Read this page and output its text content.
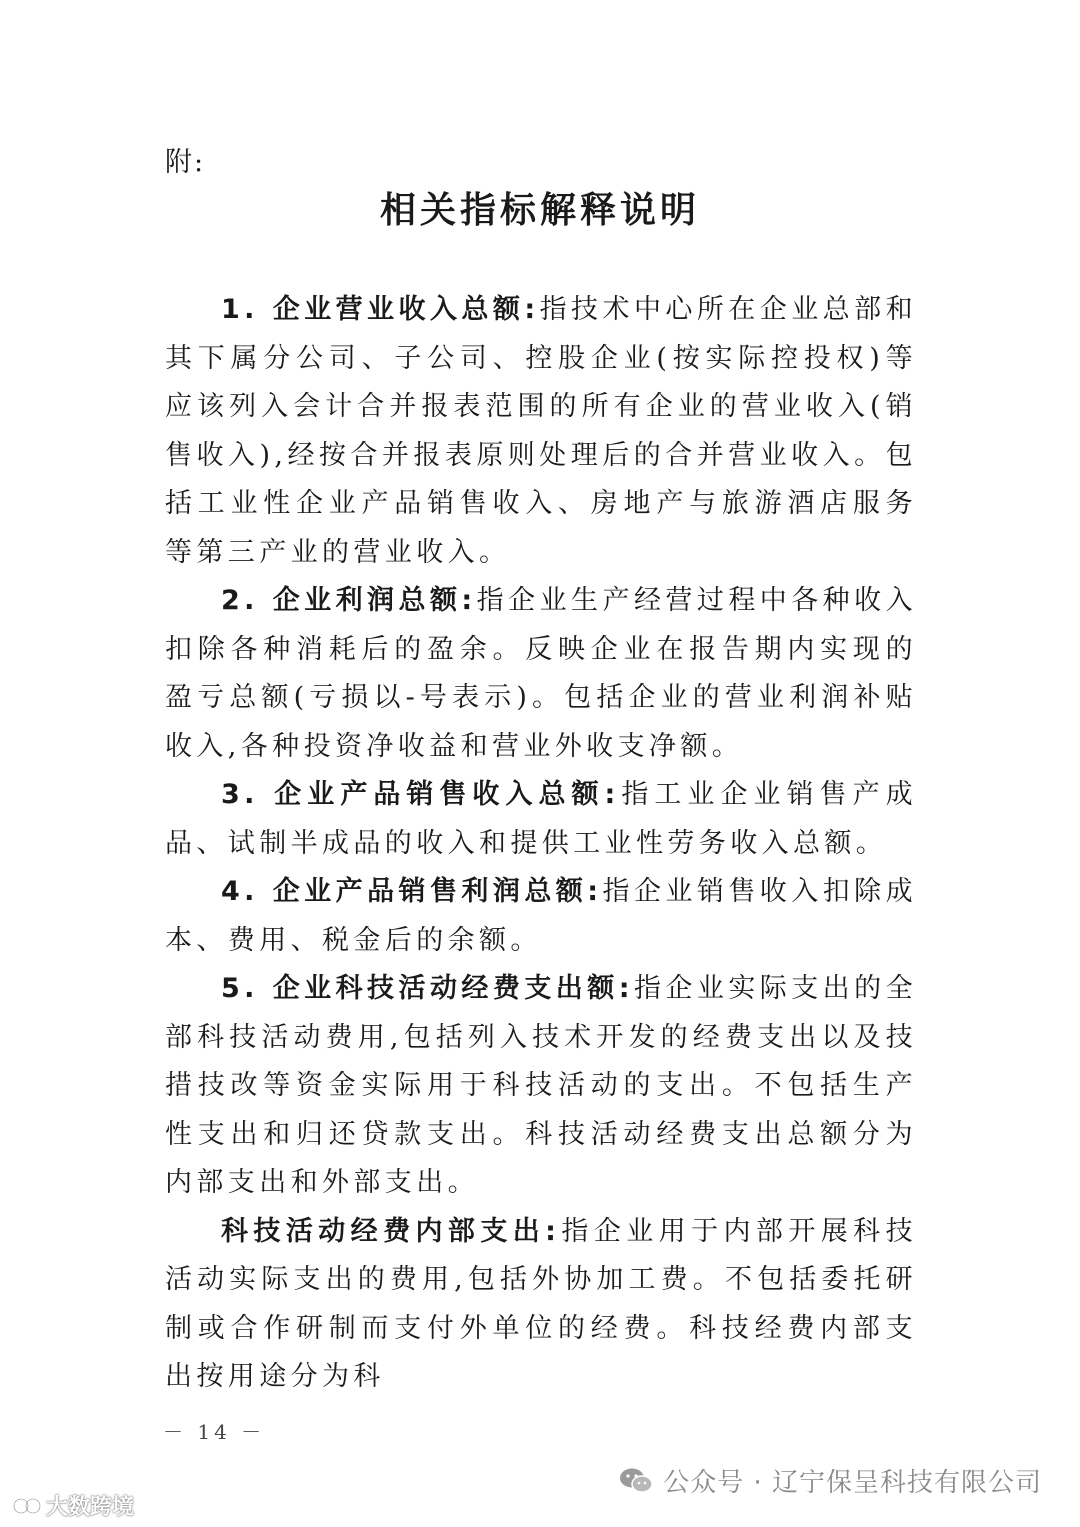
附:
相关指标解释说明

1. 企业营业收入总额:指技术中心所在企业总部和其下属分公司、子公司、控股企业(按实际控投权)等应该列入会计合并报表范围的所有企业的营业收入(销售收入),经按合并报表原则处理后的合并营业收入。包括工业性企业产品销售收入、房地产与旅游酒店服务等第三产业的营业收入。

2. 企业利润总额:指企业生产经营过程中各种收入扣除各种消耗后的盈余。反映企业在报告期内实现的盈亏总额(亏损以-号表示)。包括企业的营业利润补贴收入,各种投资净收益和营业外收支净额。

3. 企业产品销售收入总额:指工业企业销售产成品、试制半成品的收入和提供工业性劳务收入总额。

4. 企业产品销售利润总额:指企业销售收入扣除成本、费用、税金后的余额。

5. 企业科技活动经费支出额:指企业实际支出的全部科技活动费用,包括列入技术开发的经费支出以及技措技改等资金实际用于科技活动的支出。不包括生产性支出和归还贷款支出。科技活动经费支出总额分为内部支出和外部支出。

科技活动经费内部支出:指企业用于内部开展科技活动实际支出的费用,包括外协加工费。不包括委托研制或合作研制而支付外单位的经费。科技经费内部支出按用途分为科

－ 14 －
公众号 · 辽宁保呈科技有限公司
大数跨境
